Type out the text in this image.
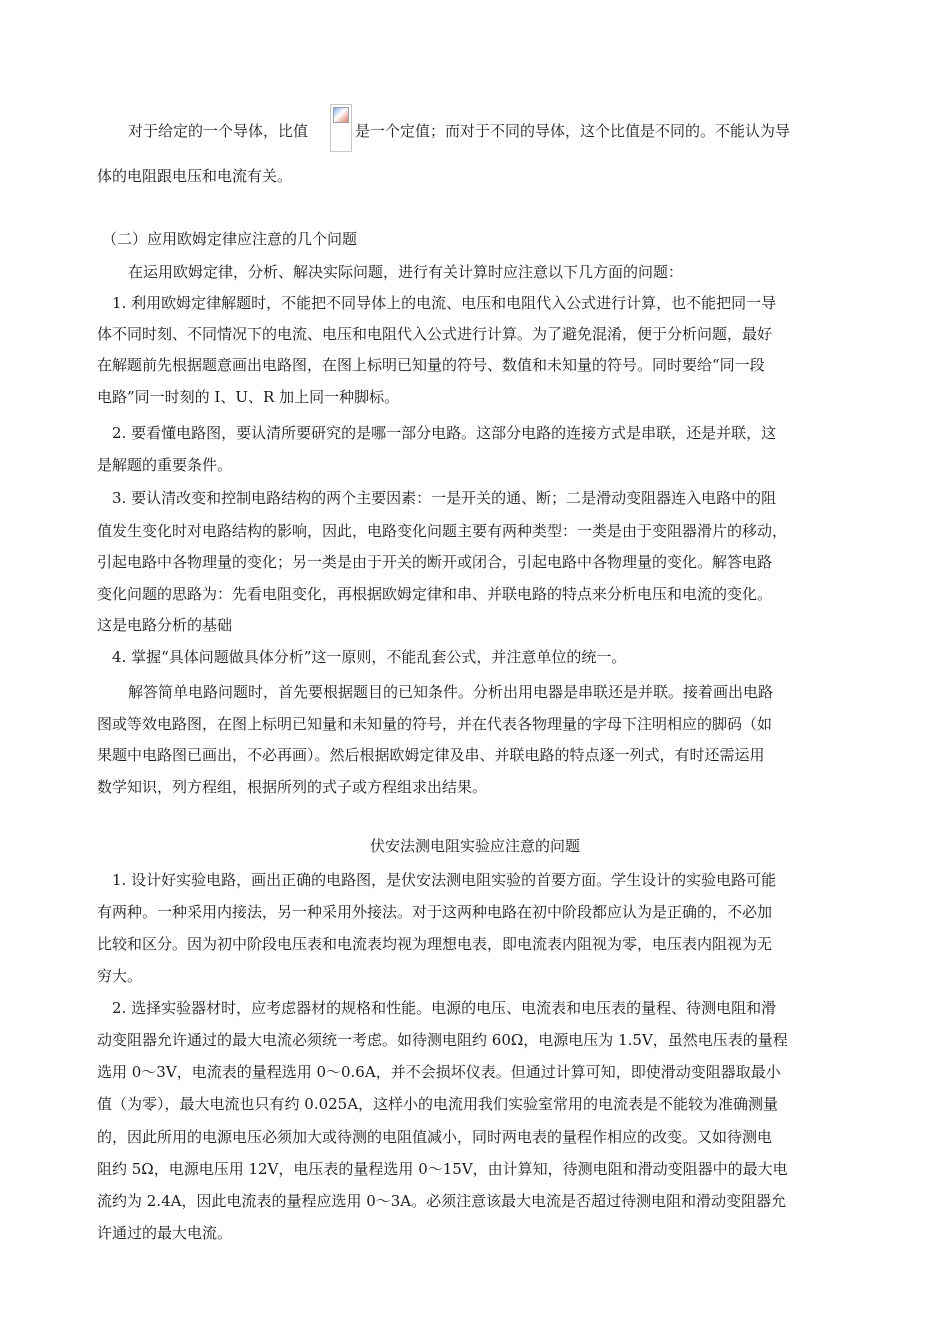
对于给定的一个导体，比值	是一个定值；而对于不同的导体，这个比值是不同的。不能认为导
体的电阻跟电压和电流有关。
（二）应用欧姆定律应注意的几个问题
在运用欧姆定律，分析、解决实际问题，进行有关计算时应注意以下几方面的问题：
1. 利用欧姆定律解题时，不能把不同导体上的电流、电压和电阻代入公式进行计算，也不能把同一导
体不同时刻、不同情况下的电流、电压和电阻代入公式进行计算。为了避免混淆，便于分析问题，最好
在解题前先根据题意画出电路图，在图上标明已知量的符号、数值和未知量的符号。同时要给“同一段
电路”同一时刻的 I、U、R 加上同一种脚标。
2. 要看懂电路图，要认清所要研究的是哪一部分电路。这部分电路的连接方式是串联，还是并联，这
是解题的重要条件。
3. 要认清改变和控制电路结构的两个主要因素：一是开关的通、断；二是滑动变阻器连入电路中的阻
值发生变化时对电路结构的影响，因此，电路变化问题主要有两种类型：一类是由于变阻器滑片的移动，
引起电路中各物理量的变化；另一类是由于开关的断开或闭合，引起电路中各物理量的变化。解答电路
变化问题的思路为：先看电阻变化，再根据欧姆定律和串、并联电路的特点来分析电压和电流的变化。
这是电路分析的基础
4. 掌握“具体问题做具体分析”这一原则，不能乱套公式，并注意单位的统一。
解答简单电路问题时，首先要根据题目的已知条件。分析出用电器是串联还是并联。接着画出电路
图或等效电路图，在图上标明已知量和未知量的符号，并在代表各物理量的字母下注明相应的脚码（如
果题中电路图已画出，不必再画）。然后根据欧姆定律及串、并联电路的特点逐一列式，有时还需运用
数学知识，列方程组，根据所列的式子或方程组求出结果。
伏安法测电阻实验应注意的问题
1. 设计好实验电路，画出正确的电路图，是伏安法测电阻实验的首要方面。学生设计的实验电路可能
有两种。一种采用内接法，另一种采用外接法。对于这两种电路在初中阶段都应认为是正确的，不必加
比较和区分。因为初中阶段电压表和电流表均视为理想电表，即电流表内阻视为零，电压表内阻视为无
穷大。
2. 选择实验器材时，应考虑器材的规格和性能。电源的电压、电流表和电压表的量程、待测电阻和滑
动变阻器允许通过的最大电流必须统一考虑。如待测电阻约 60Ω，电源电压为 1.5V，虽然电压表的量程
选用 0～3V，电流表的量程选用 0～0.6A，并不会损坏仪表。但通过计算可知，即使滑动变阻器取最小
值（为零），最大电流也只有约 0.025A，这样小的电流用我们实验室常用的电流表是不能较为准确测量
的，因此所用的电源电压必须加大或待测的电阻值减小，同时两电表的量程作相应的改变。又如待测电
阻约 5Ω，电源电压用 12V，电压表的量程选用 0～15V，由计算知，待测电阻和滑动变阻器中的最大电
流约为 2.4A，因此电流表的量程应选用 0～3A。必须注意该最大电流是否超过待测电阻和滑动变阻器允
许通过的最大电流。
